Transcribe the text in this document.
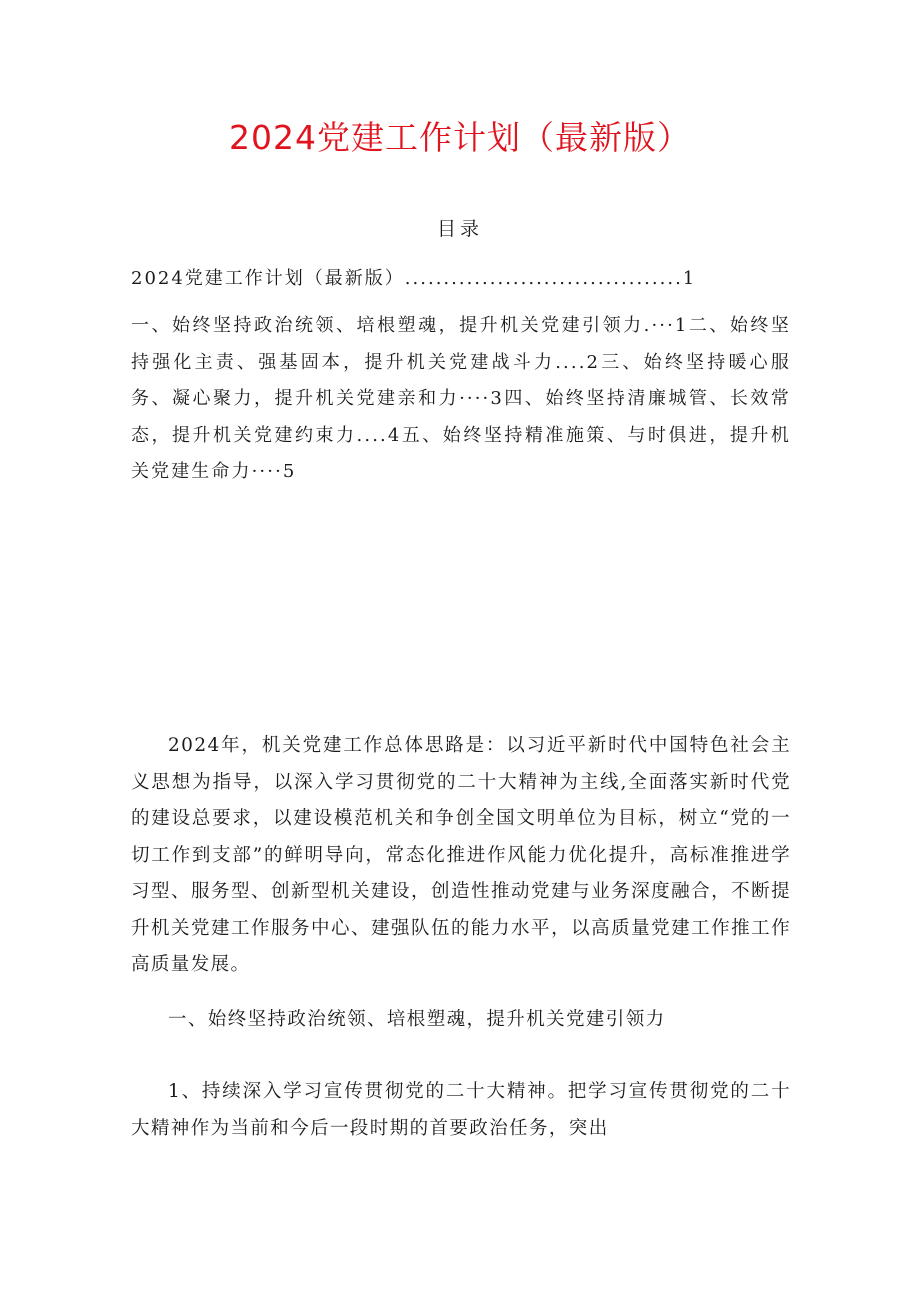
2024党建工作计划（最新版）
目录
2024党建工作计划（最新版）....................................1
一、始终坚持政治统领、培根塑魂，提升机关党建引领力.···1二、始终坚持强化主责、强基固本，提升机关党建战斗力....2三、始终坚持暖心服务、凝心聚力，提升机关党建亲和力····3四、始终坚持清廉城管、长效常态，提升机关党建约束力....4五、始终坚持精准施策、与时俱进，提升机关党建生命力····5

2024年，机关党建工作总体思路是：以习近平新时代中国特色社会主义思想为指导，以深入学习贯彻党的二十大精神为主线,全面落实新时代党的建设总要求，以建设模范机关和争创全国文明单位为目标，树立“党的一切工作到支部”的鲜明导向，常态化推进作风能力优化提升，高标准推进学习型、服务型、创新型机关建设，创造性推动党建与业务深度融合，不断提升机关党建工作服务中心、建强队伍的能力水平，以高质量党建工作推工作高质量发展。

一、始终坚持政治统领、培根塑魂，提升机关党建引领力

1、持续深入学习宣传贯彻党的二十大精神。把学习宣传贯彻党的二十大精神作为当前和今后一段时期的首要政治任务，突出
